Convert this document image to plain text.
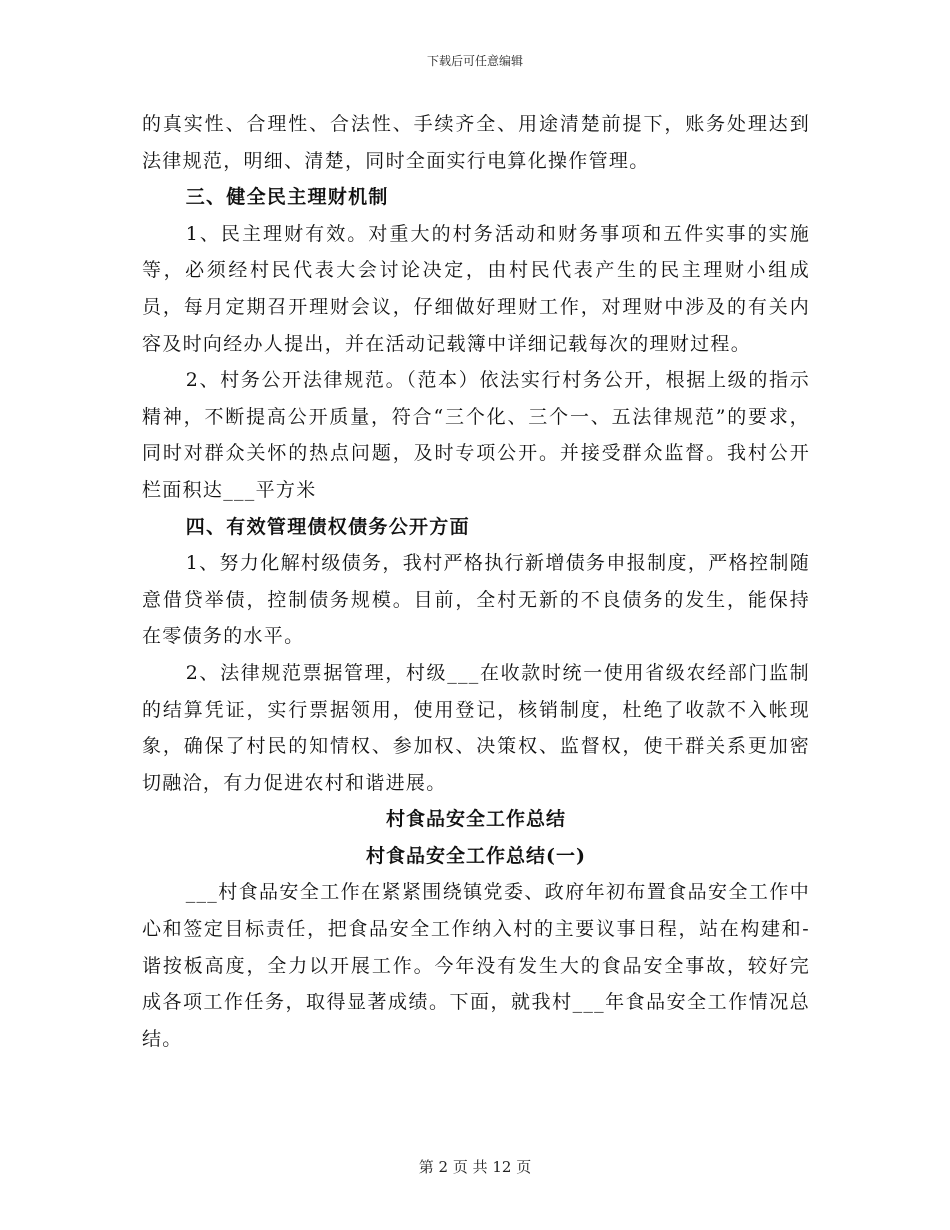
下载后可任意编辑

的真实性、合理性、合法性、手续齐全、用途清楚前提下，账务处理达到法律规范，明细、清楚，同时全面实行电算化操作管理。

三、健全民主理财机制

1、民主理财有效。对重大的村务活动和财务事项和五件实事的实施等，必须经村民代表大会讨论决定，由村民代表产生的民主理财小组成员，每月定期召开理财会议，仔细做好理财工作，对理财中涉及的有关内容及时向经办人提出，并在活动记载簿中详细记载每次的理财过程。

2、村务公开法律规范。（范本）依法实行村务公开，根据上级的指示精神，不断提高公开质量，符合“三个化、三个一、五法律规范”的要求，同时对群众关怀的热点问题，及时专项公开。并接受群众监督。我村公开栏面积达___平方米

四、有效管理债权债务公开方面

1、努力化解村级债务，我村严格执行新增债务申报制度，严格控制随意借贷举债，控制债务规模。目前，全村无新的不良债务的发生，能保持在零债务的水平。

2、法律规范票据管理，村级___在收款时统一使用省级农经部门监制的结算凭证，实行票据领用，使用登记，核销制度，杜绝了收款不入帐现象，确保了村民的知情权、参加权、决策权、监督权，使干群关系更加密切融洽，有力促进农村和谐进展。

村食品安全工作总结

村食品安全工作总结(一)

___村食品安全工作在紧紧围绕镇党委、政府年初布置食品安全工作中心和签定目标责任，把食品安全工作纳入村的主要议事日程，站在构建和-谐按板高度，全力以开展工作。今年没有发生大的食品安全事故，较好完成各项工作任务，取得显著成绩。下面，就我村___年食品安全工作情况总结。

第 2 页 共 12 页
